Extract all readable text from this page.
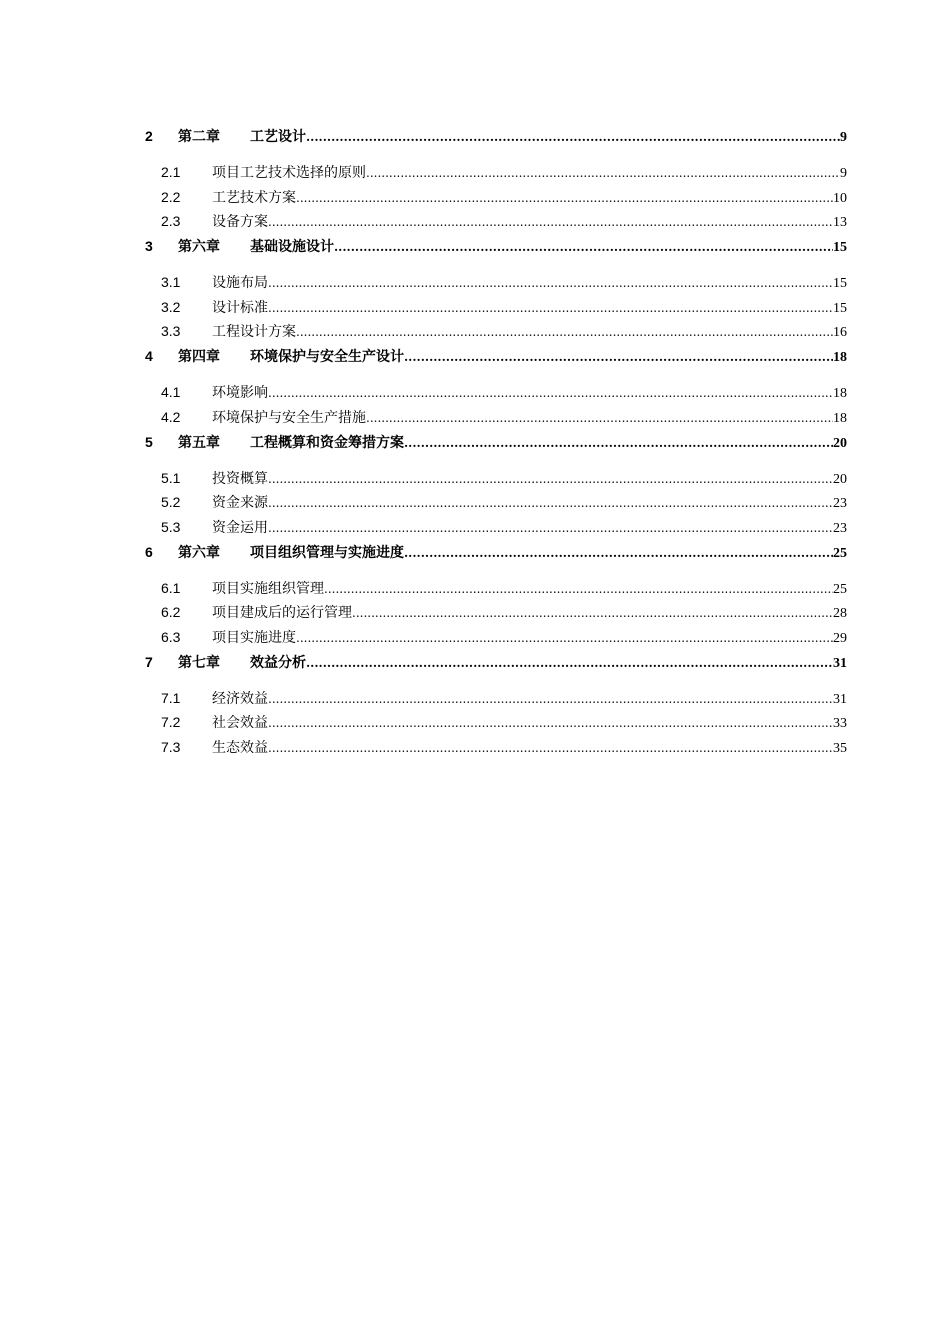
2	第二章 工艺设计 .....	9
2.1	项目工艺技术选择的原则 .....	9
2.2	工艺技术方案 .....	10
2.3	设备方案 .....	13
3	第六章 基础设施设计 .....	15
3.1	设施布局 .....	15
3.2	设计标准 .....	15
3.3	工程设计方案 .....	16
4	第四章 环境保护与安全生产设计 .....	18
4.1	环境影响 .....	18
4.2	环境保护与安全生产措施 .....	18
5	第五章 工程概算和资金筹措方案 .....	20
5.1	投资概算 .....	20
5.2	资金来源 .....	23
5.3	资金运用 .....	23
6	第六章 项目组织管理与实施进度 .....	25
6.1	项目实施组织管理 .....	25
6.2	项目建成后的运行管理 .....	28
6.3	项目实施进度 .....	29
7	第七章 效益分析 .....	31
7.1	经济效益 .....	31
7.2	社会效益 .....	33
7.3	生态效益 .....	35
